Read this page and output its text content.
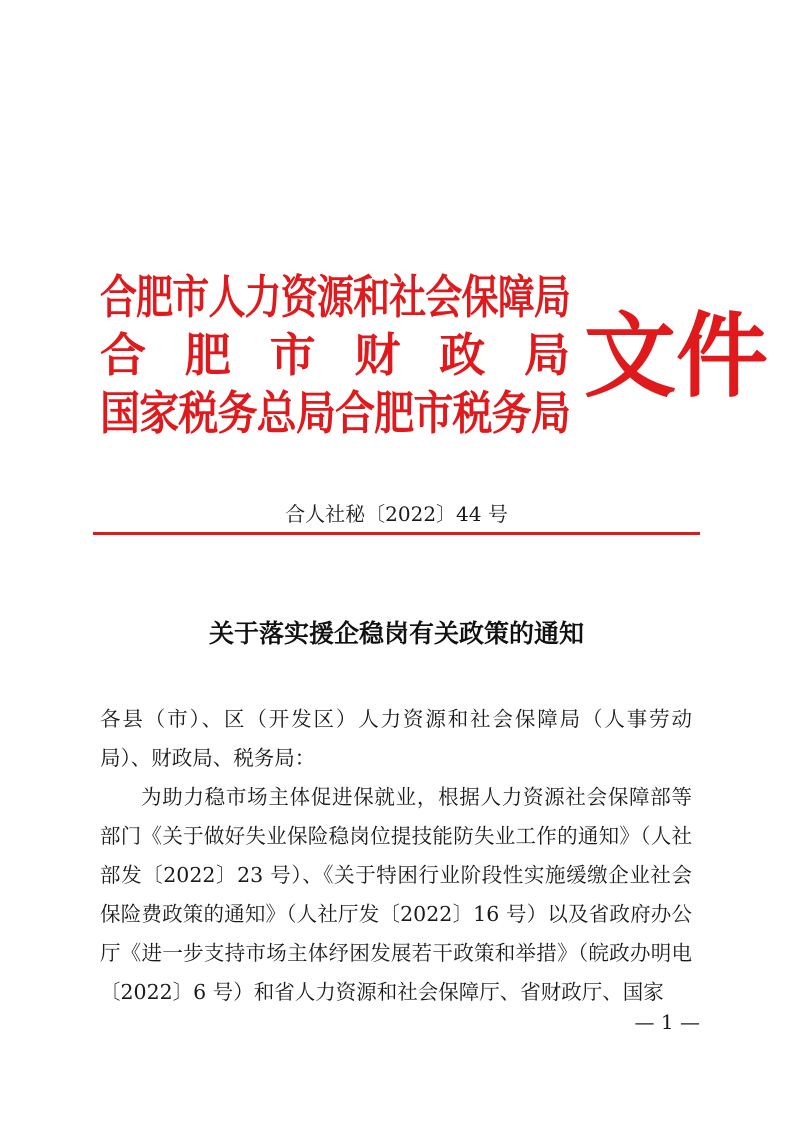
合肥市人力资源和社会保障局
合 肥 市 财 政 局
国家税务总局合肥市税务局
文件
合人社秘〔2022〕44 号
关于落实援企稳岗有关政策的通知

各县（市）、区（开发区）人力资源和社会保障局（人事劳动局）、财政局、税务局：

为助力稳市场主体促进保就业，根据人力资源社会保障部等部门《关于做好失业保险稳岗位提技能防失业工作的通知》（人社部发〔2022〕23 号）、《关于特困行业阶段性实施缓缴企业社会保险费政策的通知》（人社厅发〔2022〕16 号）以及省政府办公厅《进一步支持市场主体纾困发展若干政策和举措》（皖政办明电〔2022〕6 号）和省人力资源和社会保障厅、省财政厅、国家

— 1 —
